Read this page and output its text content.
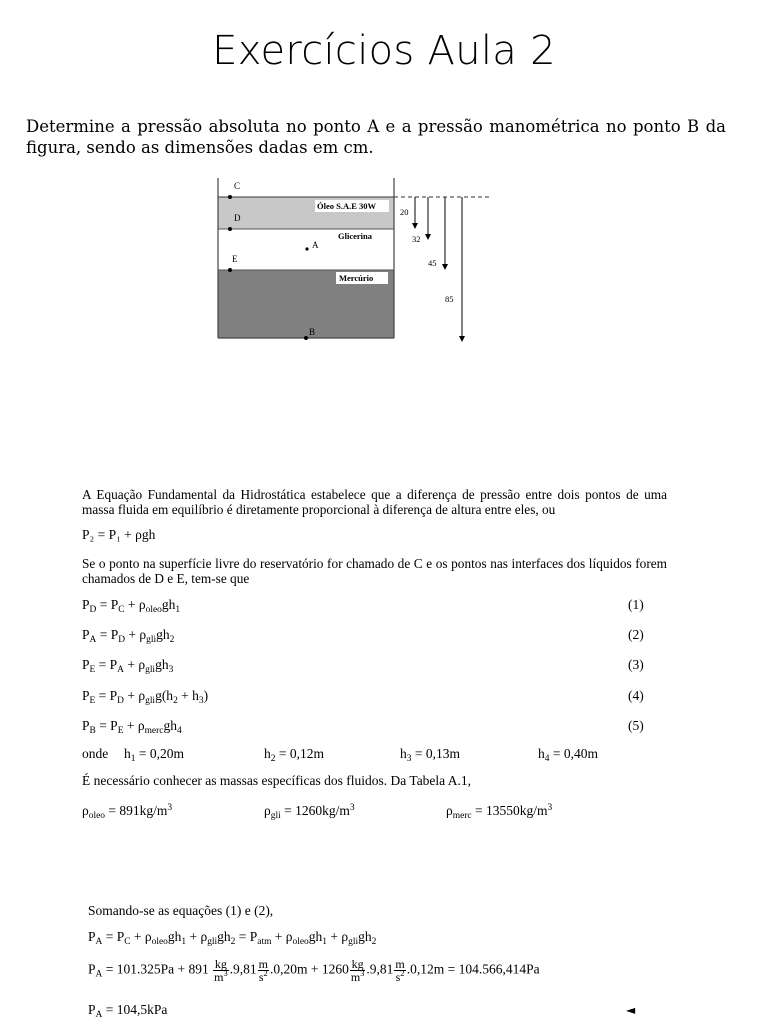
Exercícios Aula 2
Determine a pressão absoluta no ponto A e a pressão manométrica no ponto B da figura, sendo as dimensões dadas em cm.
C
D
E
A
B
Óleo S.A.E 30W
Glicerina
Mercúrio
20
32
45
85
A Equação Fundamental da Hidrostática estabelece que a diferença de pressão entre dois pontos de uma massa fluida em equilíbrio é diretamente proporcional à diferença de altura entre eles, ou
P₂ = P₁ + ρgh
Se o ponto na superfície livre do reservatório for chamado de C e os pontos nas interfaces dos líquidos forem chamados de D e E, tem-se que
$P_D = P_C + \rho_{oleo}gh_1$	(1)
$P_A = P_D + \rho_{gli}gh_2$	(2)
$P_E = P_A + \rho_{gli}gh_3$	(3)
$P_E = P_D + \rho_{gli}g(h_2 + h_3)$	(4)
$P_B = P_E + \rho_{merc}gh_4$	(5)
onde $h_1 = 0,20m$	$h_2 = 0,12m$	$h_3 = 0,13m$	$h_4 = 0,40m$
É necessário conhecer as massas específicas dos fluidos. Da Tabela A.1,
$\rho_{oleo} = 891kg/m^3$	$\rho_{gli} = 1260kg/m^3$	$\rho_{merc} = 13550kg/m^3$
Somando-se as equações (1) e (2),
$P_A = P_C + \rho_{oleo}gh_1 + \rho_{gli}gh_2 = P_{atm} + \rho_{oleo}gh_1 + \rho_{gli}gh_2$
$P_A = 101.325Pa + 891 \frac{kg}{m^3} .9,81 \frac{m}{s^2} .0,20m + 1260 \frac{kg}{m^3} .9,81 \frac{m}{s^2} .0,12m = 104.566,414Pa$
$P_A = 104,5kPa$	◄
